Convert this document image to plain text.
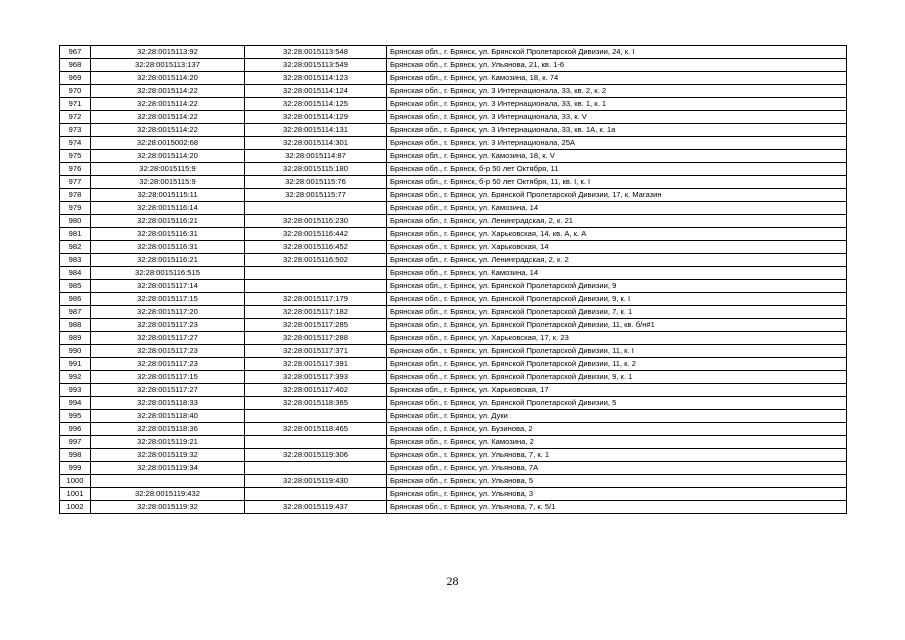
967	32:28:0015113:92	32:28:0015113:548	Брянская обл., г. Брянск, ул. Брянской Пролетарской Дивизии, 24, к. I
968	32:28:0015113:137	32:28:0015113:549	Брянская обл., г. Брянск, ул. Ульянова, 21, кв. 1-6
969	32:28:0015114:20	32:28:0015114:123	Брянская обл., г. Брянск, ул. Камозина, 18, к. 74
970	32:28:0015114:22	32:28:0015114:124	Брянская обл., г. Брянск, ул. 3 Интернационала, 33, кв. 2, к. 2
971	32:28:0015114:22	32:28:0015114:125	Брянская обл., г. Брянск, ул. 3 Интернационала, 33, кв. 1, к. 1
972	32:28:0015114:22	32:28:0015114:129	Брянская обл., г. Брянск, ул. 3 Интернационала, 33, к. V
973	32:28:0015114:22	32:28:0015114:131	Брянская обл., г. Брянск, ул. 3 Интернационала, 33, кв. 1А, к. 1а
974	32:28:0015002:68	32:28:0015114:301	Брянская обл., г. Брянск, ул. 3 Интернационала, 25А
975	32:28:0015114:20	32:28:0015114:87	Брянская обл., г. Брянск, ул. Камозина, 18, к. V
976	32:28:0015115:9	32:28:0015115:180	Брянская обл., г. Брянск, б-р 50 лет Октября, 11
977	32:28:0015115:9	32:28:0015115:76	Брянская обл., г. Брянск, б-р 50 лет Октября, 11, кв. I, к. I
978	32:28:0015115:11	32:28:0015115:77	Брянская обл., г. Брянск, ул. Брянской Пролетарской Дивизии, 17, к. Магазин
979	32:28:0015116:14		Брянская обл., г. Брянск, ул. Камозина, 14
980	32:28:0015116:21	32:28:0015116:230	Брянская обл., г. Брянск, ул. Ленинградская, 2, к. 21
981	32:28:0015116:31	32:28:0015116:442	Брянская обл., г. Брянск, ул. Харьковская, 14, кв. А, к. А
982	32:28:0015116:31	32:28:0015116:452	Брянская обл., г. Брянск, ул. Харьковская, 14
983	32:28:0015116:21	32:28:0015116:502	Брянская обл., г. Брянск, ул. Ленинградская, 2, к. 2
984	32:28:0015116:515		Брянская обл., г. Брянск, ул. Камозина, 14
985	32:28:0015117:14		Брянская обл., г. Брянск, ул. Брянской Пролетарской Дивизии, 9
986	32:28:0015117:15	32:28:0015117:179	Брянская обл., г. Брянск, ул. Брянской Пролетарской Дивизии, 9, к. I
987	32:28:0015117:20	32:28:0015117:182	Брянская обл., г. Брянск, ул. Брянской Пролетарской Дивизии, 7, к. 1
988	32:28:0015117:23	32:28:0015117:285	Брянская обл., г. Брянск, ул. Брянской Пролетарской Дивизии, 11, кв. б/н#1
989	32:28:0015117:27	32:28:0015117:288	Брянская обл., г. Брянск, ул. Харьковская, 17, к. 23
990	32:28:0015117:23	32:28:0015117:371	Брянская обл., г. Брянск, ул. Брянской Пролетарской Дивизии, 11, к. I
991	32:28:0015117:23	32:28:0015117:391	Брянская обл., г. Брянск, ул. Брянской Пролетарской Дивизии, 11, к. 2
992	32:28:0015117:15	32:28:0015117:393	Брянская обл., г. Брянск, ул. Брянской Пролетарской Дивизии, 9, к. 1
993	32:28:0015117:27	32:28:0015117:402	Брянская обл., г. Брянск, ул. Харьковская, 17
994	32:28:0015118:33	32:28:0015118:365	Брянская обл., г. Брянск, ул. Брянской Пролетарской Дивизии, 5
995	32:28:0015118:40		Брянская обл., г. Брянск, ул. Дуки
996	32:28:0015118:36	32:28:0015118:465	Брянская обл., г. Брянск, ул. Бузинова, 2
997	32:28:0015119:21		Брянская обл., г. Брянск, ул. Камозина, 2
998	32:28:0015119:32	32:28:0015119:306	Брянская обл., г. Брянск, ул. Ульянова, 7, к. 1
999	32:28:0015119:34		Брянская обл., г. Брянск, ул. Ульянова, 7А
1000		32:28:0015119:430	Брянская обл., г. Брянск, ул. Ульянова, 5
1001	32:28:0015119:432		Брянская обл., г. Брянск, ул. Ульянова, 3
1002	32:28:0015119:32	32:28:0015119:437	Брянская обл., г. Брянск, ул. Ульянова, 7, к. 5/1
28
